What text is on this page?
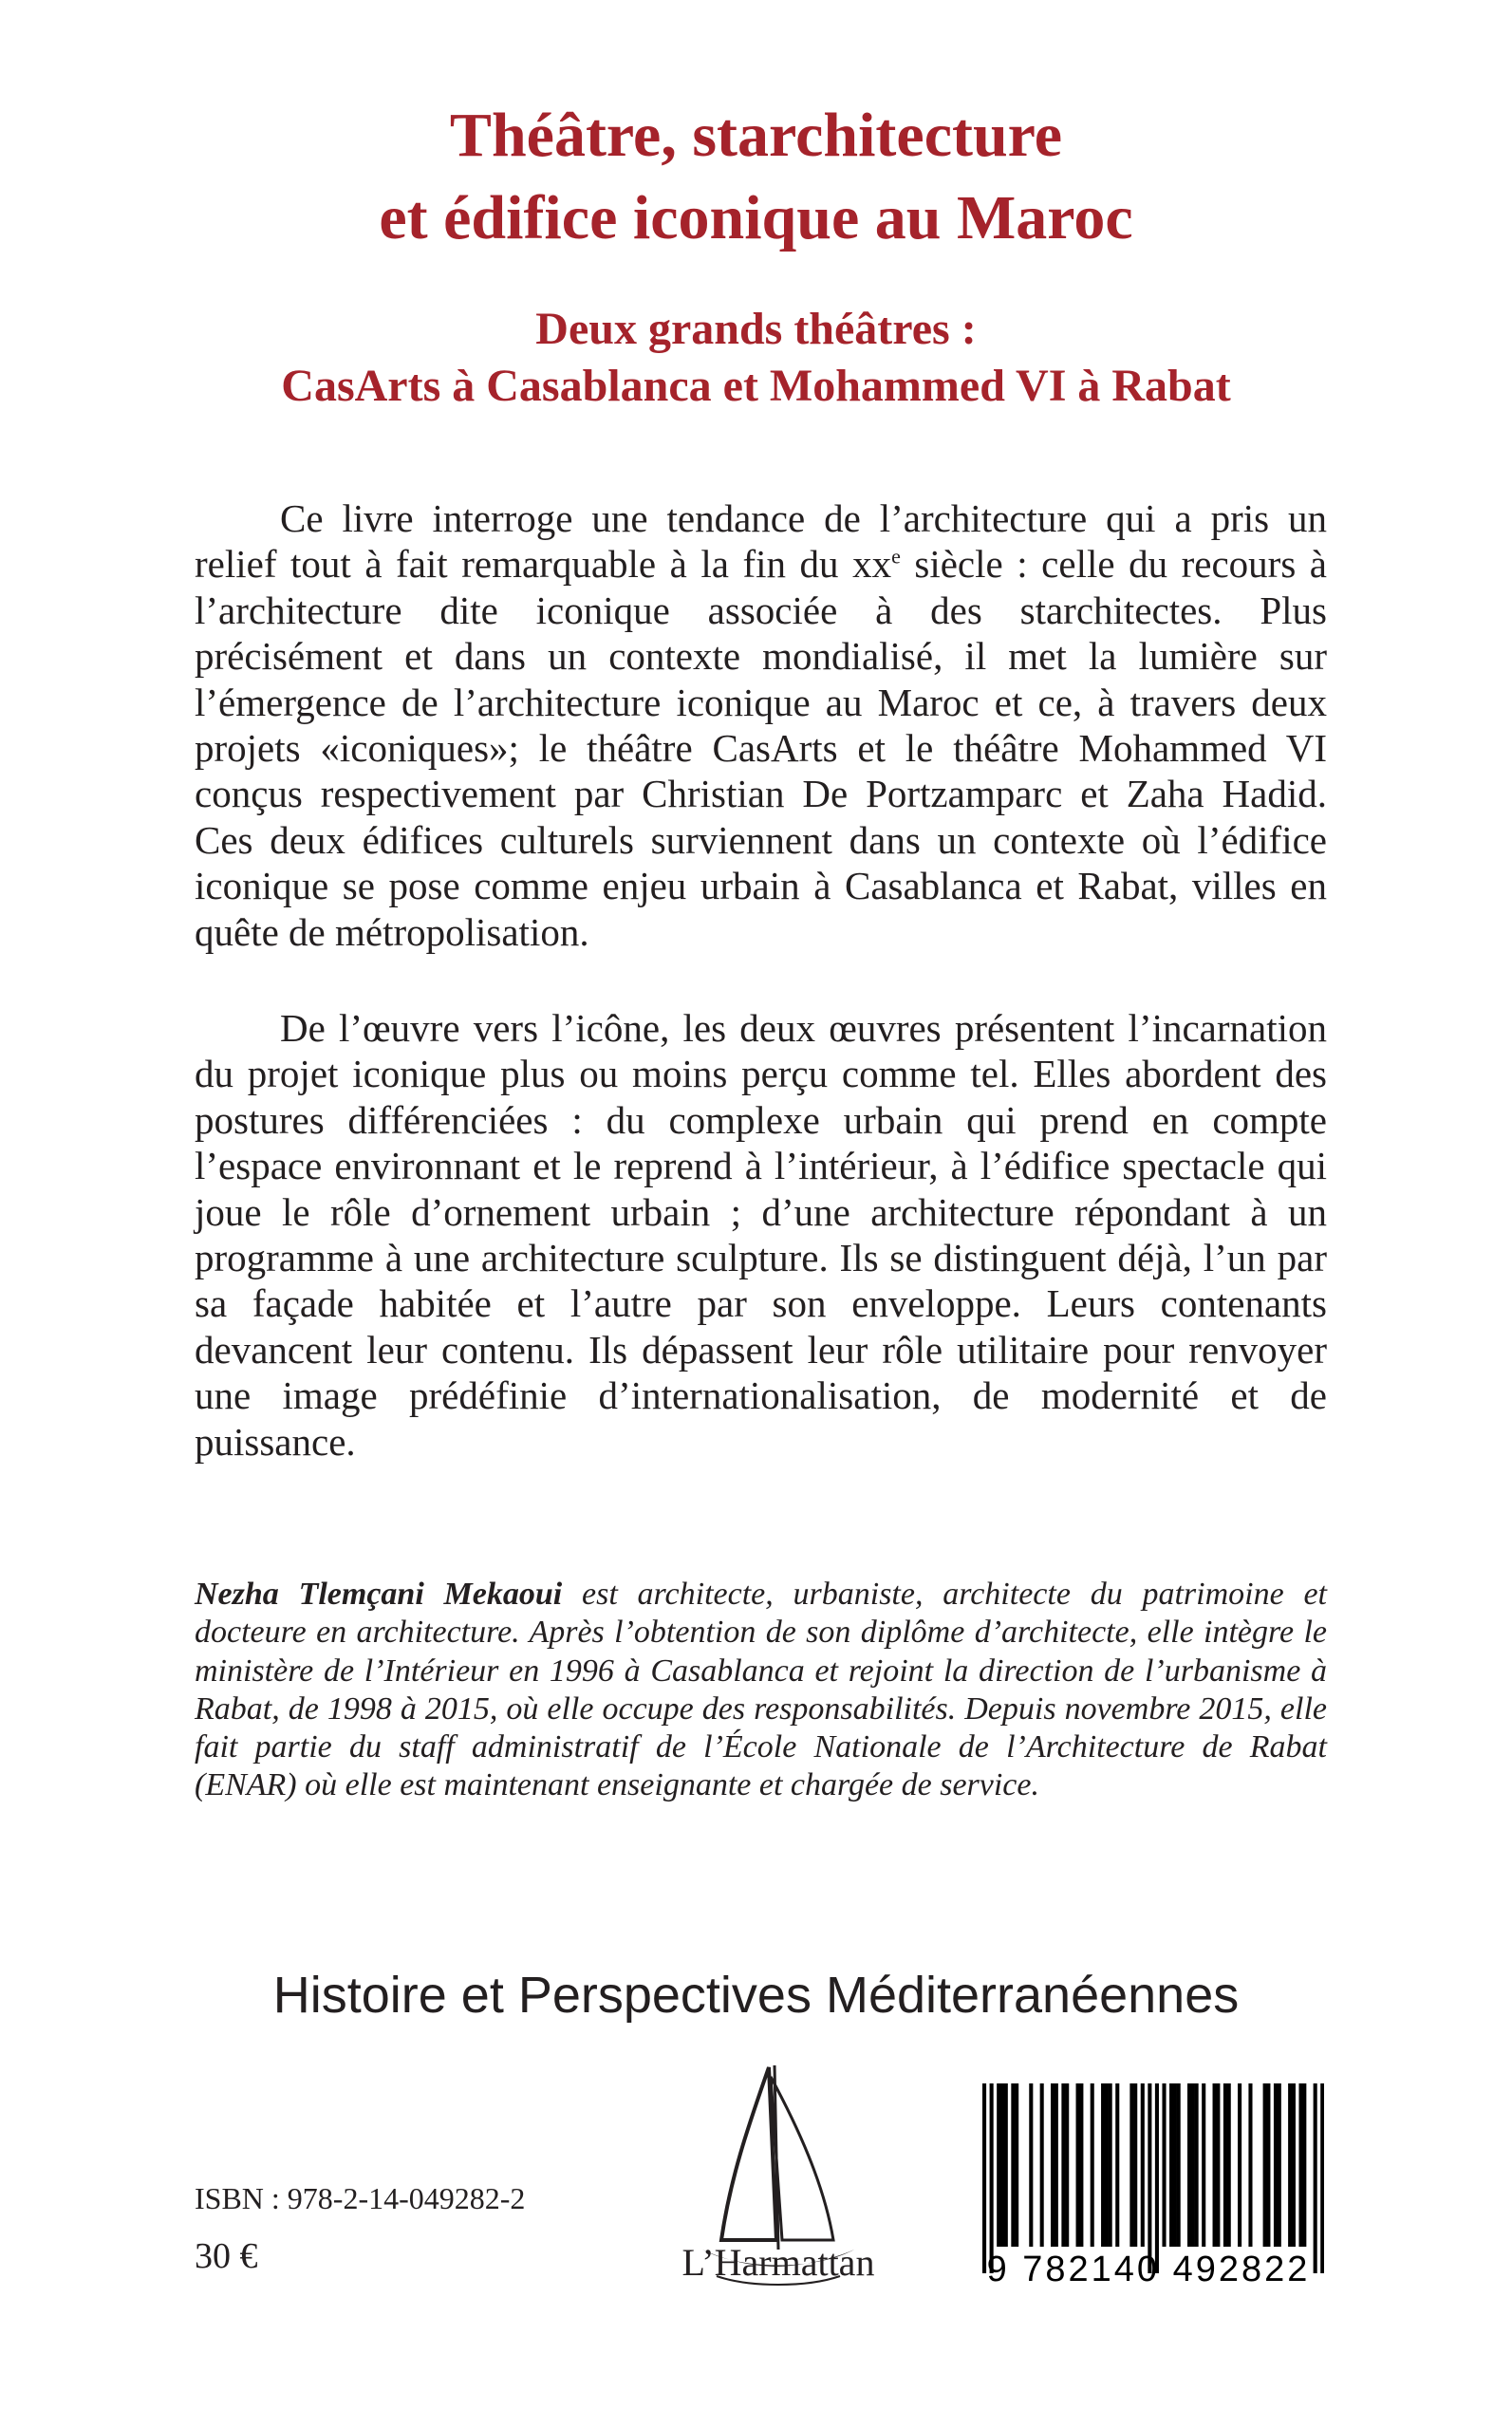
Théâtre, starchitecture
et édifice iconique au Maroc
Deux grands théâtres :
CasArts à Casablanca et Mohammed VI à Rabat

Ce livre interroge une tendance de l’architecture qui a pris un relief tout à fait remarquable à la fin du $xx^e$ siècle : celle du recours à l’architecture dite iconique associée à des starchitectes. Plus précisément et dans un contexte mondialisé, il met la lumière sur l’émergence de l’architecture iconique au Maroc et ce, à travers deux projets «iconiques»; le théâtre CasArts et le théâtre Mohammed VI conçus respectivement par Christian De Portzamparc et Zaha Hadid. Ces deux édifices culturels surviennent dans un contexte où l’édifice iconique se pose comme enjeu urbain à Casablanca et Rabat, villes en quête de métropolisation.

De l’œuvre vers l’icône, les deux œuvres présentent l’incarnation du projet iconique plus ou moins perçu comme tel. Elles abordent des postures différenciées : du complexe urbain qui prend en compte l’espace environnant et le reprend à l’intérieur, à l’édifice spectacle qui joue le rôle d’ornement urbain ; d’une architecture répondant à un programme à une architecture sculpture. Ils se distinguent déjà, l’un par sa façade habitée et l’autre par son enveloppe. Leurs contenants devancent leur contenu. Ils dépassent leur rôle utilitaire pour renvoyer une image prédéfinie d’internationalisation, de modernité et de puissance.

Nezha Tlemçani Mekaoui est architecte, urbaniste, architecte du patrimoine et docteure en architecture. Après l’obtention de son diplôme d’architecte, elle intègre le ministère de l’Intérieur en 1996 à Casablanca et rejoint la direction de l’urbanisme à Rabat, de 1998 à 2015, où elle occupe des responsabilités. Depuis novembre 2015, elle fait partie du staff administratif de l’École Nationale de l’Architecture de Rabat (ENAR) où elle est maintenant enseignante et chargée de service.
Histoire et Perspectives Méditerranéennes
ISBN : 978-2-14-049282-2
30 €	L’Harmattan	9 782140 492822
